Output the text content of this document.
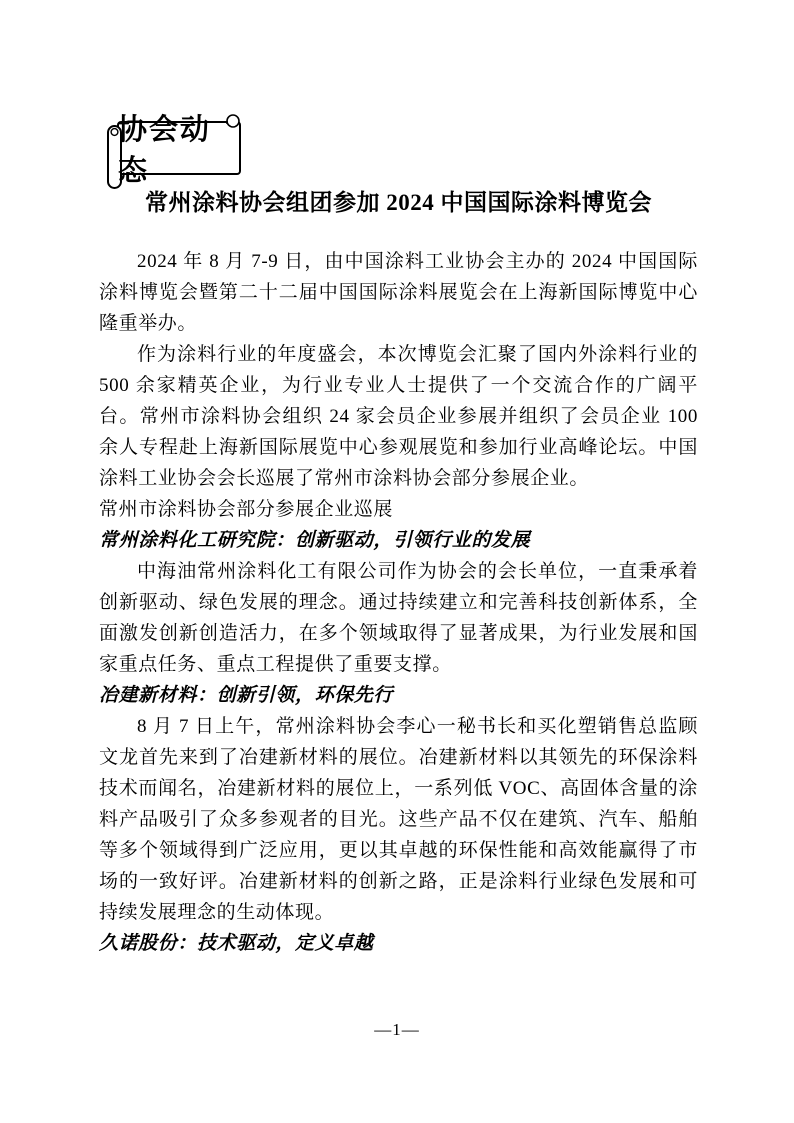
协会动态
常州涂料协会组团参加 2024 中国国际涂料博览会

2024 年 8 月 7-9 日，由中国涂料工业协会主办的 2024 中国国际涂料博览会暨第二十二届中国国际涂料展览会在上海新国际博览中心隆重举办。

作为涂料行业的年度盛会，本次博览会汇聚了国内外涂料行业的 500 余家精英企业，为行业专业人士提供了一个交流合作的广阔平台。常州市涂料协会组织 24 家会员企业参展并组织了会员企业 100 余人专程赴上海新国际展览中心参观展览和参加行业高峰论坛。中国涂料工业协会会长巡展了常州市涂料协会部分参展企业。

常州市涂料协会部分参展企业巡展

常州涂料化工研究院：创新驱动，引领行业的发展

中海油常州涂料化工有限公司作为协会的会长单位，一直秉承着创新驱动、绿色发展的理念。通过持续建立和完善科技创新体系，全面激发创新创造活力，在多个领域取得了显著成果，为行业发展和国家重点任务、重点工程提供了重要支撑。

冶建新材料：创新引领，环保先行

8 月 7 日上午，常州涂料协会李心一秘书长和买化塑销售总监顾文龙首先来到了冶建新材料的展位。冶建新材料以其领先的环保涂料技术而闻名，冶建新材料的展位上，一系列低 VOC、高固体含量的涂料产品吸引了众多参观者的目光。这些产品不仅在建筑、汽车、船舶等多个领域得到广泛应用，更以其卓越的环保性能和高效能赢得了市场的一致好评。冶建新材料的创新之路，正是涂料行业绿色发展和可持续发展理念的生动体现。

久诺股份：技术驱动，定义卓越
—1—
